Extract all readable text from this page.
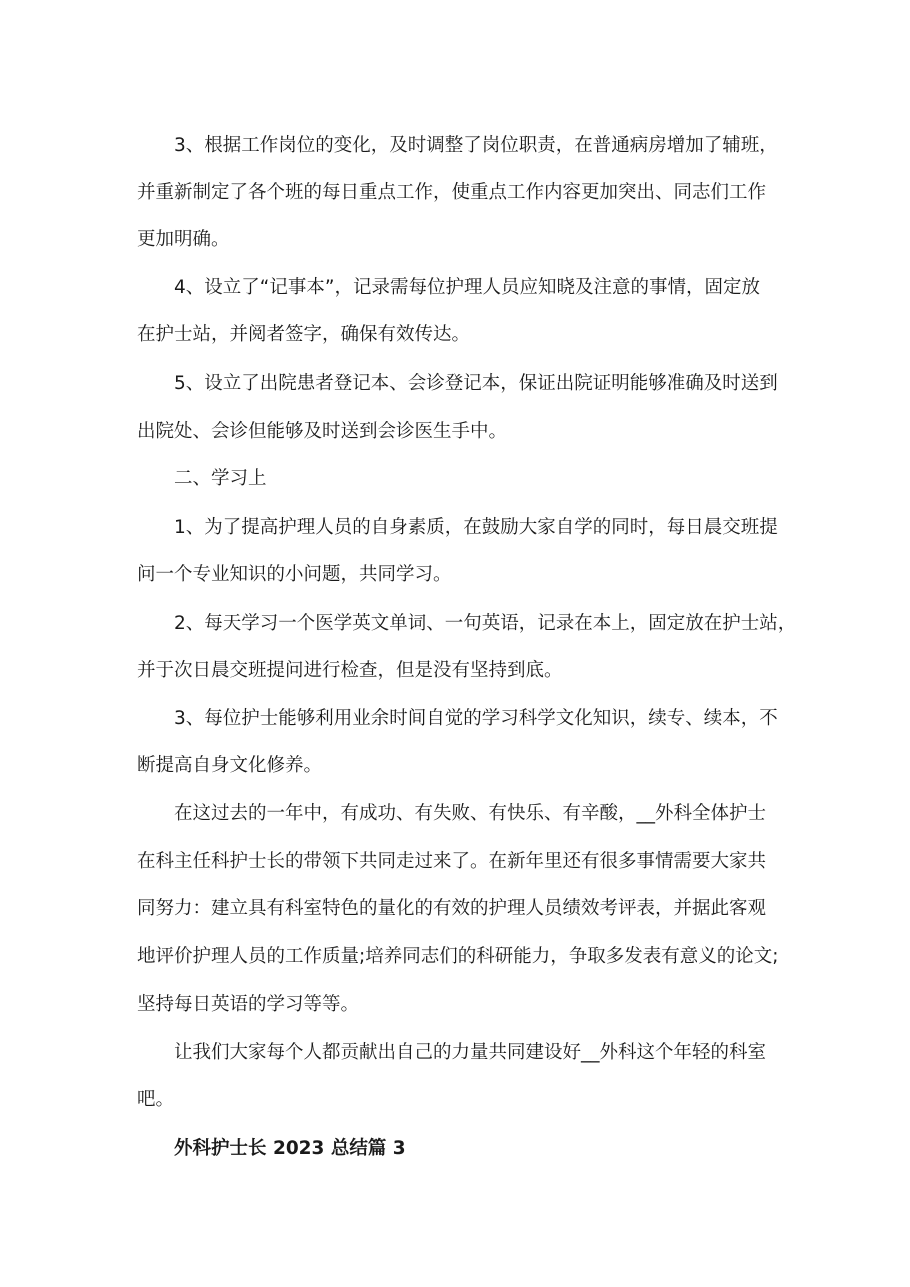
3、根据工作岗位的变化，及时调整了岗位职责，在普通病房增加了辅班，
并重新制定了各个班的每日重点工作，使重点工作内容更加突出、同志们工作
更加明确。
4、设立了“记事本”，记录需每位护理人员应知晓及注意的事情，固定放
在护士站，并阅者签字，确保有效传达。
5、设立了出院患者登记本、会诊登记本，保证出院证明能够准确及时送到
出院处、会诊但能够及时送到会诊医生手中。
二、学习上
1、为了提高护理人员的自身素质，在鼓励大家自学的同时，每日晨交班提
问一个专业知识的小问题，共同学习。
2、每天学习一个医学英文单词、一句英语，记录在本上，固定放在护士站，
并于次日晨交班提问进行检查，但是没有坚持到底。
3、每位护士能够利用业余时间自觉的学习科学文化知识，续专、续本，不
断提高自身文化修养。
在这过去的一年中，有成功、有失败、有快乐、有辛酸，__外科全体护士
在科主任科护士长的带领下共同走过来了。在新年里还有很多事情需要大家共
同努力：建立具有科室特色的量化的有效的护理人员绩效考评表，并据此客观
地评价护理人员的工作质量;培养同志们的科研能力，争取多发表有意义的论文;
坚持每日英语的学习等等。
让我们大家每个人都贡献出自己的力量共同建设好__外科这个年轻的科室
吧。
外科护士长 2023 总结篇 3
